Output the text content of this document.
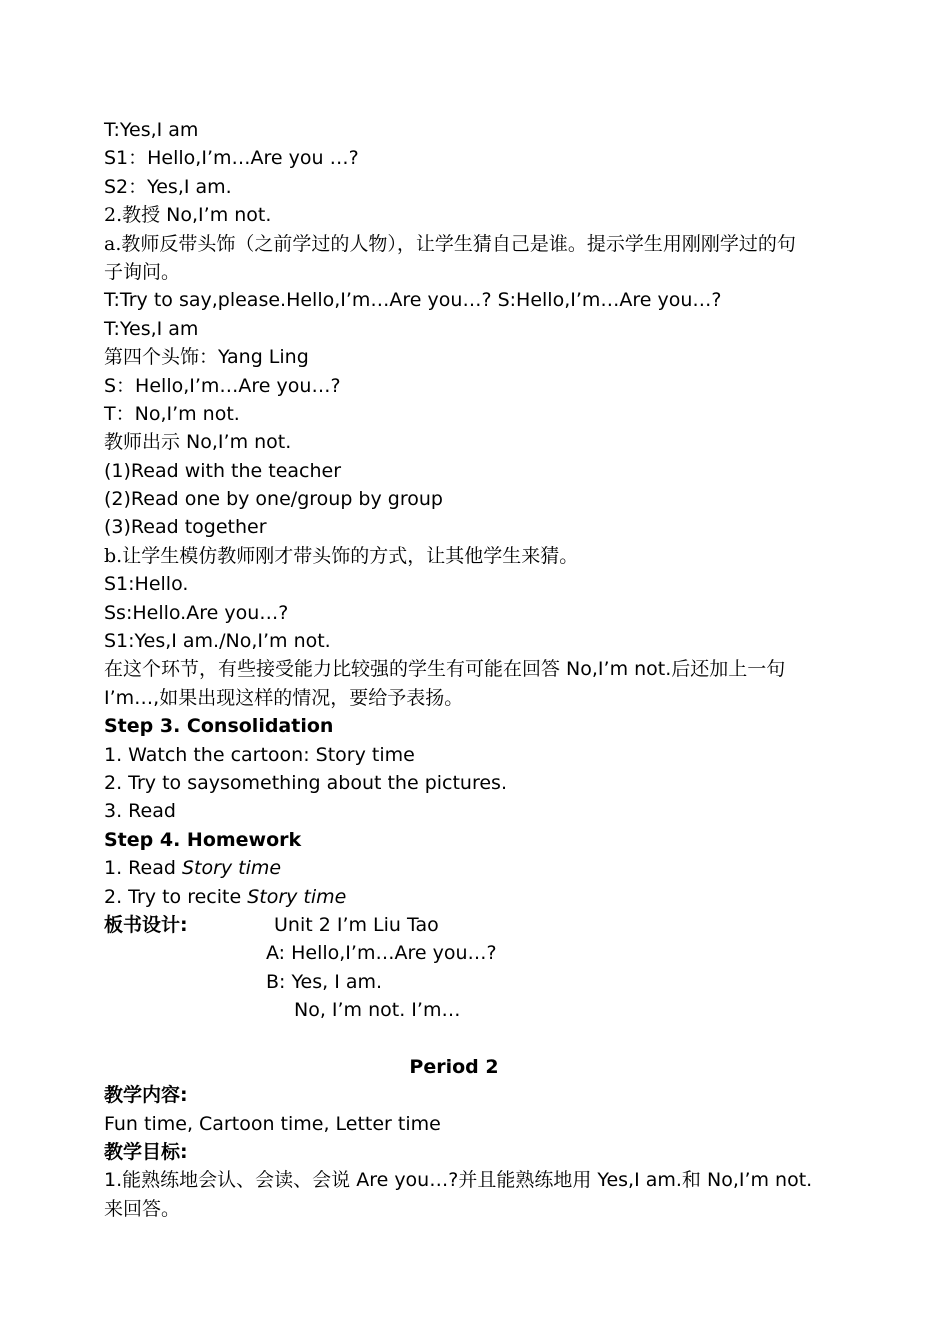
T:Yes,I am
S1：Hello,I’m…Are you …?
S2：Yes,I am.
2.教授 No,I’m not.
a.教师反带头饰（之前学过的人物），让学生猜自己是谁。提示学生用刚刚学过的句
子询问。
T:Try to say,please.Hello,I’m…Are you…? S:Hello,I’m…Are you…?
T:Yes,I am
第四个头饰：Yang Ling
S：Hello,I’m…Are you…?
T：No,I’m not.
教师出示 No,I’m not.
(1)Read with the teacher
(2)Read one by one/group by group
(3)Read together
b.让学生模仿教师刚才带头饰的方式，让其他学生来猜。
S1:Hello.
Ss:Hello.Are you…?
S1:Yes,I am./No,I’m not.
在这个环节，有些接受能力比较强的学生有可能在回答 No,I’m not.后还加上一句
I’m…,如果出现这样的情况，要给予表扬。
Step 3. Consolidation
1. Watch the cartoon: Story time
2. Try to saysomething about the pictures.
3. Read
Step 4. Homework
1. Read Story time
2. Try to recite Story time
板书设计:	Unit 2 I’m Liu Tao
A: Hello,I’m…Are you…?
B: Yes, I am.
No, I’m not. I’m…
Period 2
教学内容:
Fun time, Cartoon time, Letter time
教学目标:
1.能熟练地会认、会读、会说 Are you…?并且能熟练地用 Yes,I am.和 No,I’m not.
来回答。
